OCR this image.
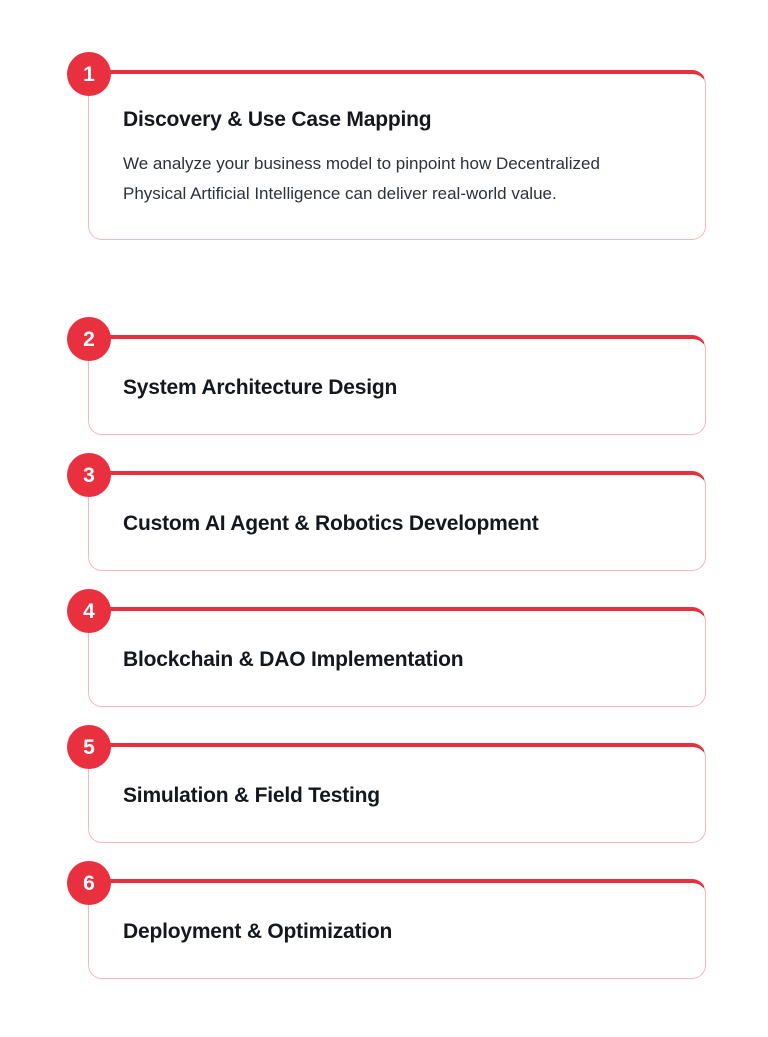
1
Discovery & Use Case Mapping

We analyze your business model to pinpoint how Decentralized Physical Artificial Intelligence can deliver real-world value.

2
System Architecture Design
3
Custom AI Agent & Robotics Development
4
Blockchain & DAO Implementation
5
Simulation & Field Testing
6
Deployment & Optimization
